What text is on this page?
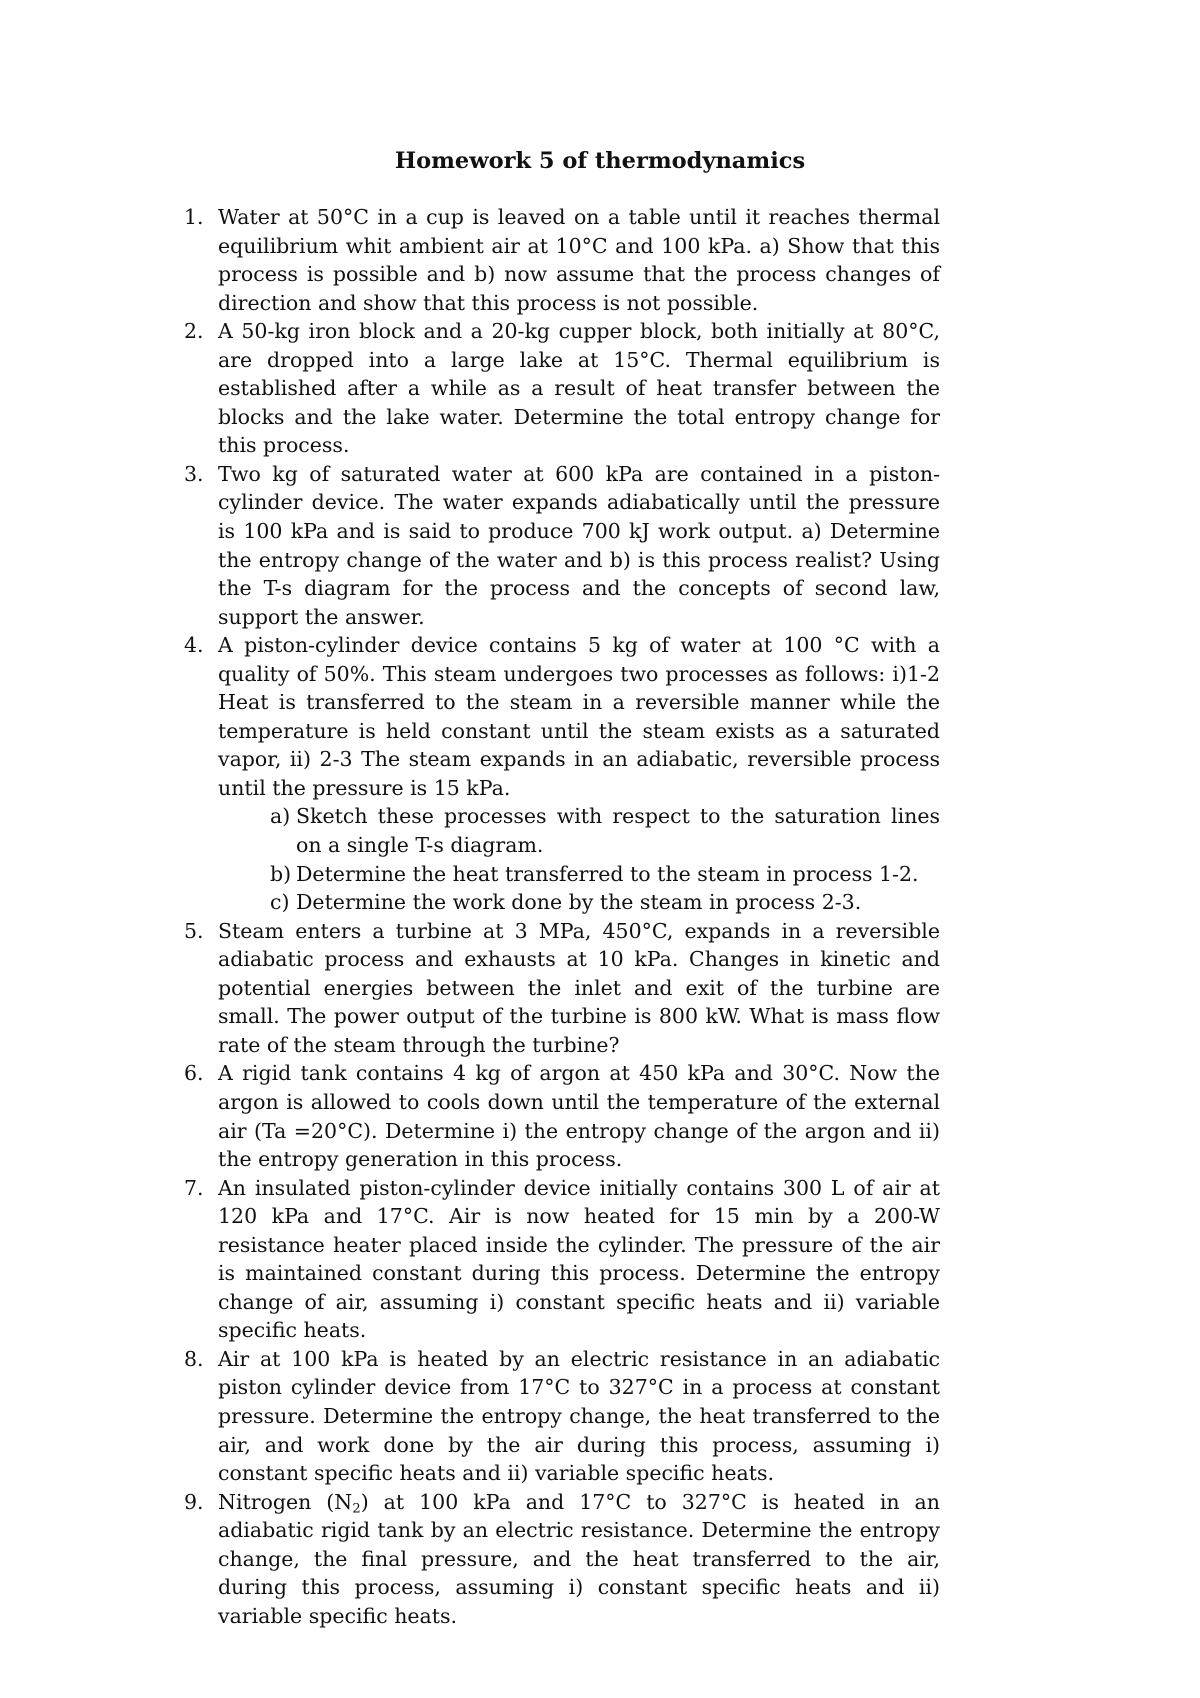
Homework 5 of thermodynamics
1. Water at 50°C in a cup is leaved on a table until it reaches thermal equilibrium whit ambient air at 10°C and 100 kPa. a) Show that this process is possible and b) now assume that the process changes of direction and show that this process is not possible.
2. A 50-kg iron block and a 20-kg cupper block, both initially at 80°C, are dropped into a large lake at 15°C. Thermal equilibrium is established after a while as a result of heat transfer between the blocks and the lake water. Determine the total entropy change for this process.
3. Two kg of saturated water at 600 kPa are contained in a piston-cylinder device. The water expands adiabatically until the pressure is 100 kPa and is said to produce 700 kJ work output. a) Determine the entropy change of the water and b) is this process realist? Using the T-s diagram for the process and the concepts of second law, support the answer.
4. A piston-cylinder device contains 5 kg of water at 100 °C with a quality of 50%. This steam undergoes two processes as follows: i)1-2 Heat is transferred to the steam in a reversible manner while the temperature is held constant until the steam exists as a saturated vapor, ii) 2-3 The steam expands in an adiabatic, reversible process until the pressure is 15 kPa.
a) Sketch these processes with respect to the saturation lines on a single T-s diagram.
b) Determine the heat transferred to the steam in process 1-2.
c) Determine the work done by the steam in process 2-3.
5. Steam enters a turbine at 3 MPa, 450°C, expands in a reversible adiabatic process and exhausts at 10 kPa. Changes in kinetic and potential energies between the inlet and exit of the turbine are small. The power output of the turbine is 800 kW. What is mass flow rate of the steam through the turbine?
6. A rigid tank contains 4 kg of argon at 450 kPa and 30°C. Now the argon is allowed to cools down until the temperature of the external air (Ta =20°C). Determine i) the entropy change of the argon and ii) the entropy generation in this process.
7. An insulated piston-cylinder device initially contains 300 L of air at 120 kPa and 17°C. Air is now heated for 15 min by a 200-W resistance heater placed inside the cylinder. The pressure of the air is maintained constant during this process. Determine the entropy change of air, assuming i) constant specific heats and ii) variable specific heats.
8. Air at 100 kPa is heated by an electric resistance in an adiabatic piston cylinder device from 17°C to 327°C in a process at constant pressure. Determine the entropy change, the heat transferred to the air, and work done by the air during this process, assuming i) constant specific heats and ii) variable specific heats.
9. Nitrogen $(N_2)$ at 100 kPa and 17°C to 327°C is heated in an adiabatic rigid tank by an electric resistance. Determine the entropy change, the final pressure, and the heat transferred to the air, during this process, assuming i) constant specific heats and ii) variable specific heats.
